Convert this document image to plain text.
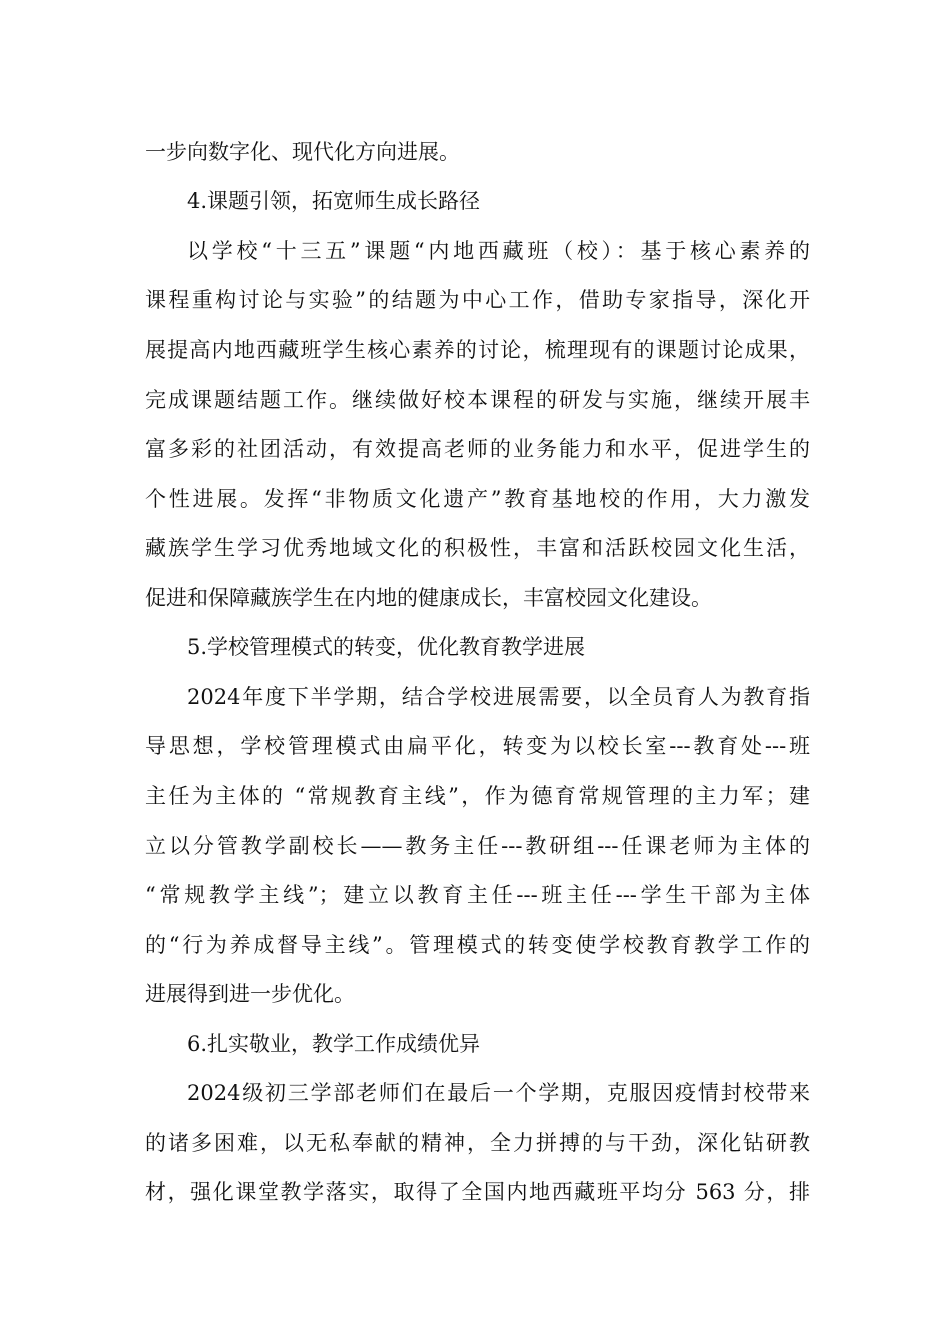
一步向数字化、现代化方向进展。
4.课题引领，拓宽师生成长路径
以学校“十三五”课题“内地西藏班（校）：基于核心素养的
课程重构讨论与实验”的结题为中心工作，借助专家指导，深化开
展提高内地西藏班学生核心素养的讨论，梳理现有的课题讨论成果，
完成课题结题工作。继续做好校本课程的研发与实施，继续开展丰
富多彩的社团活动，有效提高老师的业务能力和水平，促进学生的
个性进展。发挥“非物质文化遗产”教育基地校的作用，大力激发
藏族学生学习优秀地域文化的积极性，丰富和活跃校园文化生活，
促进和保障藏族学生在内地的健康成长，丰富校园文化建设。
5.学校管理模式的转变，优化教育教学进展
2024年度下半学期，结合学校进展需要，以全员育人为教育指
导思想，学校管理模式由扁平化，转变为以校长室---教育处---班
主任为主体的 “常规教育主线”，作为德育常规管理的主力军；建
立以分管教学副校长——教务主任---教研组---任课老师为主体的
“常规教学主线”；建立以教育主任---班主任---学生干部为主体
的“行为养成督导主线”。管理模式的转变使学校教育教学工作的
进展得到进一步优化。
6.扎实敬业，教学工作成绩优异
2024级初三学部老师们在最后一个学期，克服因疫情封校带来
的诸多困难，以无私奉献的精神，全力拼搏的与干劲，深化钻研教
材，强化课堂教学落实，取得了全国内地西藏班平均分 563 分，排
